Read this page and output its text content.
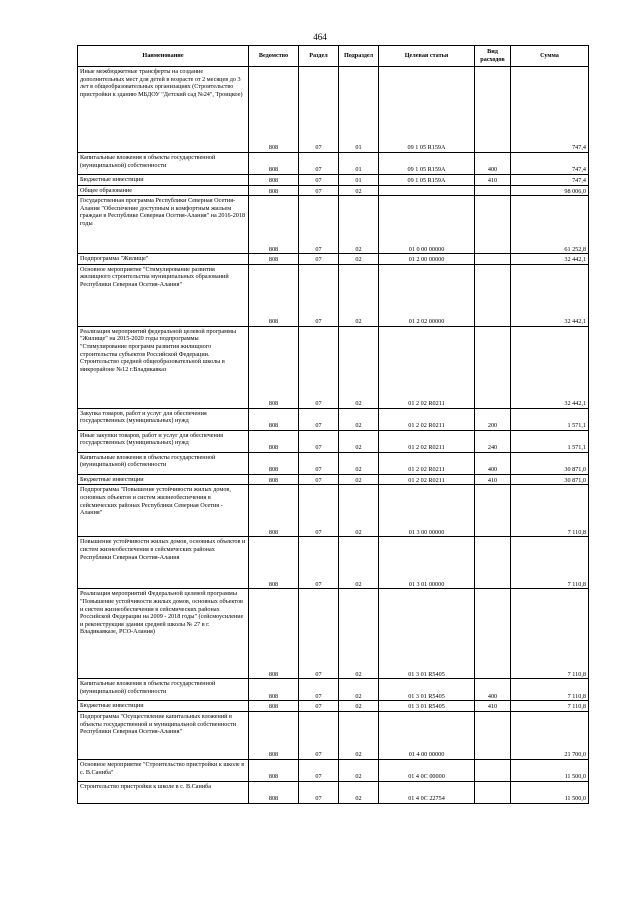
464
Наименование	Ведомство	Раздел	Подраздел	Целевая статья	Вид расходов	Сумма
Иные межбюджетные трансферты на создание дополнительных мест для детей в возрасте от 2 месяцев до 3 лет в общеобразовательных организациях (Строительство пристройки к зданию МБДОУ "Детский сад №24", Троицкое)	808	07	01	09 1 05 R159A		747,4
Капитальные вложения в объекты государственной (муниципальной) собственности	808	07	01	09 1 05 R159A	400	747,4
Бюджетные инвестиции	808	07	01	09 1 05 R159A	410	747,4
Общее образование	808	07	02			98 006,0
Государственная программа Республики Северная Осетия-Алания "Обеспечение доступным и комфортным жильем граждан в Республике Северная Осетия-Алания" на 2016-2018 годы	808	07	02	01 0 00 00000		61 252,8
Подпрограмма "Жилище"	808	07	02	01 2 00 00000		32 442,1
Основное мероприятие "Стимулирование развития жилищного строительства муниципальных образований Республики Северная Осетия-Алания"	808	07	02	01 2 02 00000		32 442,1
Реализация мероприятий федеральной целевой программы "Жилище" на 2015-2020 годы подпрограммы "Стимулирование программ развития жилищного строительства субъектов Российской Федерации. Строительство средней общеобразовательной школы в микрорайоне №12 г.Владикавказ	808	07	02	01 2 02 R0211		32 442,1
Закупка товаров, работ и услуг для обеспечения государственных (муниципальных) нужд	808	07	02	01 2 02 R0211	200	1 571,1
Иные закупки товаров, работ и услуг для обеспечения государственных (муниципальных) нужд	808	07	02	01 2 02 R0211	240	1 571,1
Капитальные вложения в объекты государственной (муниципальной) собственности	808	07	02	01 2 02 R0211	400	30 871,0
Бюджетные инвестиции	808	07	02	01 2 02 R0211	410	30 871,0
Подпрограмма "Повышение устойчивости жилых домов, основных объектов и систем жизнеобеспечения в сейсмических районах Республики Северная Осетия - Алания"	808	07	02	01 3 00 00000		7 110,8
Повышение устойчивости жилых домов, основных объектов и систем жизнеобеспечения в сейсмических районах Республики Северная Осетия-Алания	808	07	02	01 3 01 00000		7 110,8
Реализация мероприятий Федеральной целевой программы "Повышение устойчивости жилых домов, основных объектов и систем жизнеобеспечения в сейсмических районах Российской Федерации на 2009 - 2018 годы" (сейсмоусиление и реконструкция здания средней школы № 27 в г. Владикавказе, РСО-Алания)	808	07	02	01 3 01 R5405		7 110,8
Капитальные вложения в объекты государственной (муниципальной) собственности	808	07	02	01 3 01 R5405	400	7 110,8
Бюджетные инвестиции	808	07	02	01 3 01 R5405	410	7 110,8
Подпрограмма "Осуществление капитальных вложений в объекты государственной и муниципальной собственности Республики Северная Осетия-Алания"	808	07	02	01 4 00 00000		21 700,0
Основное мероприятие "Строительство пристройки к школе в с. В.Саниба"	808	07	02	01 4 0C 00000		11 500,0
Строительство пристройки к школе в с. В.Саниба	808	07	02	01 4 0C 22754		11 500,0
